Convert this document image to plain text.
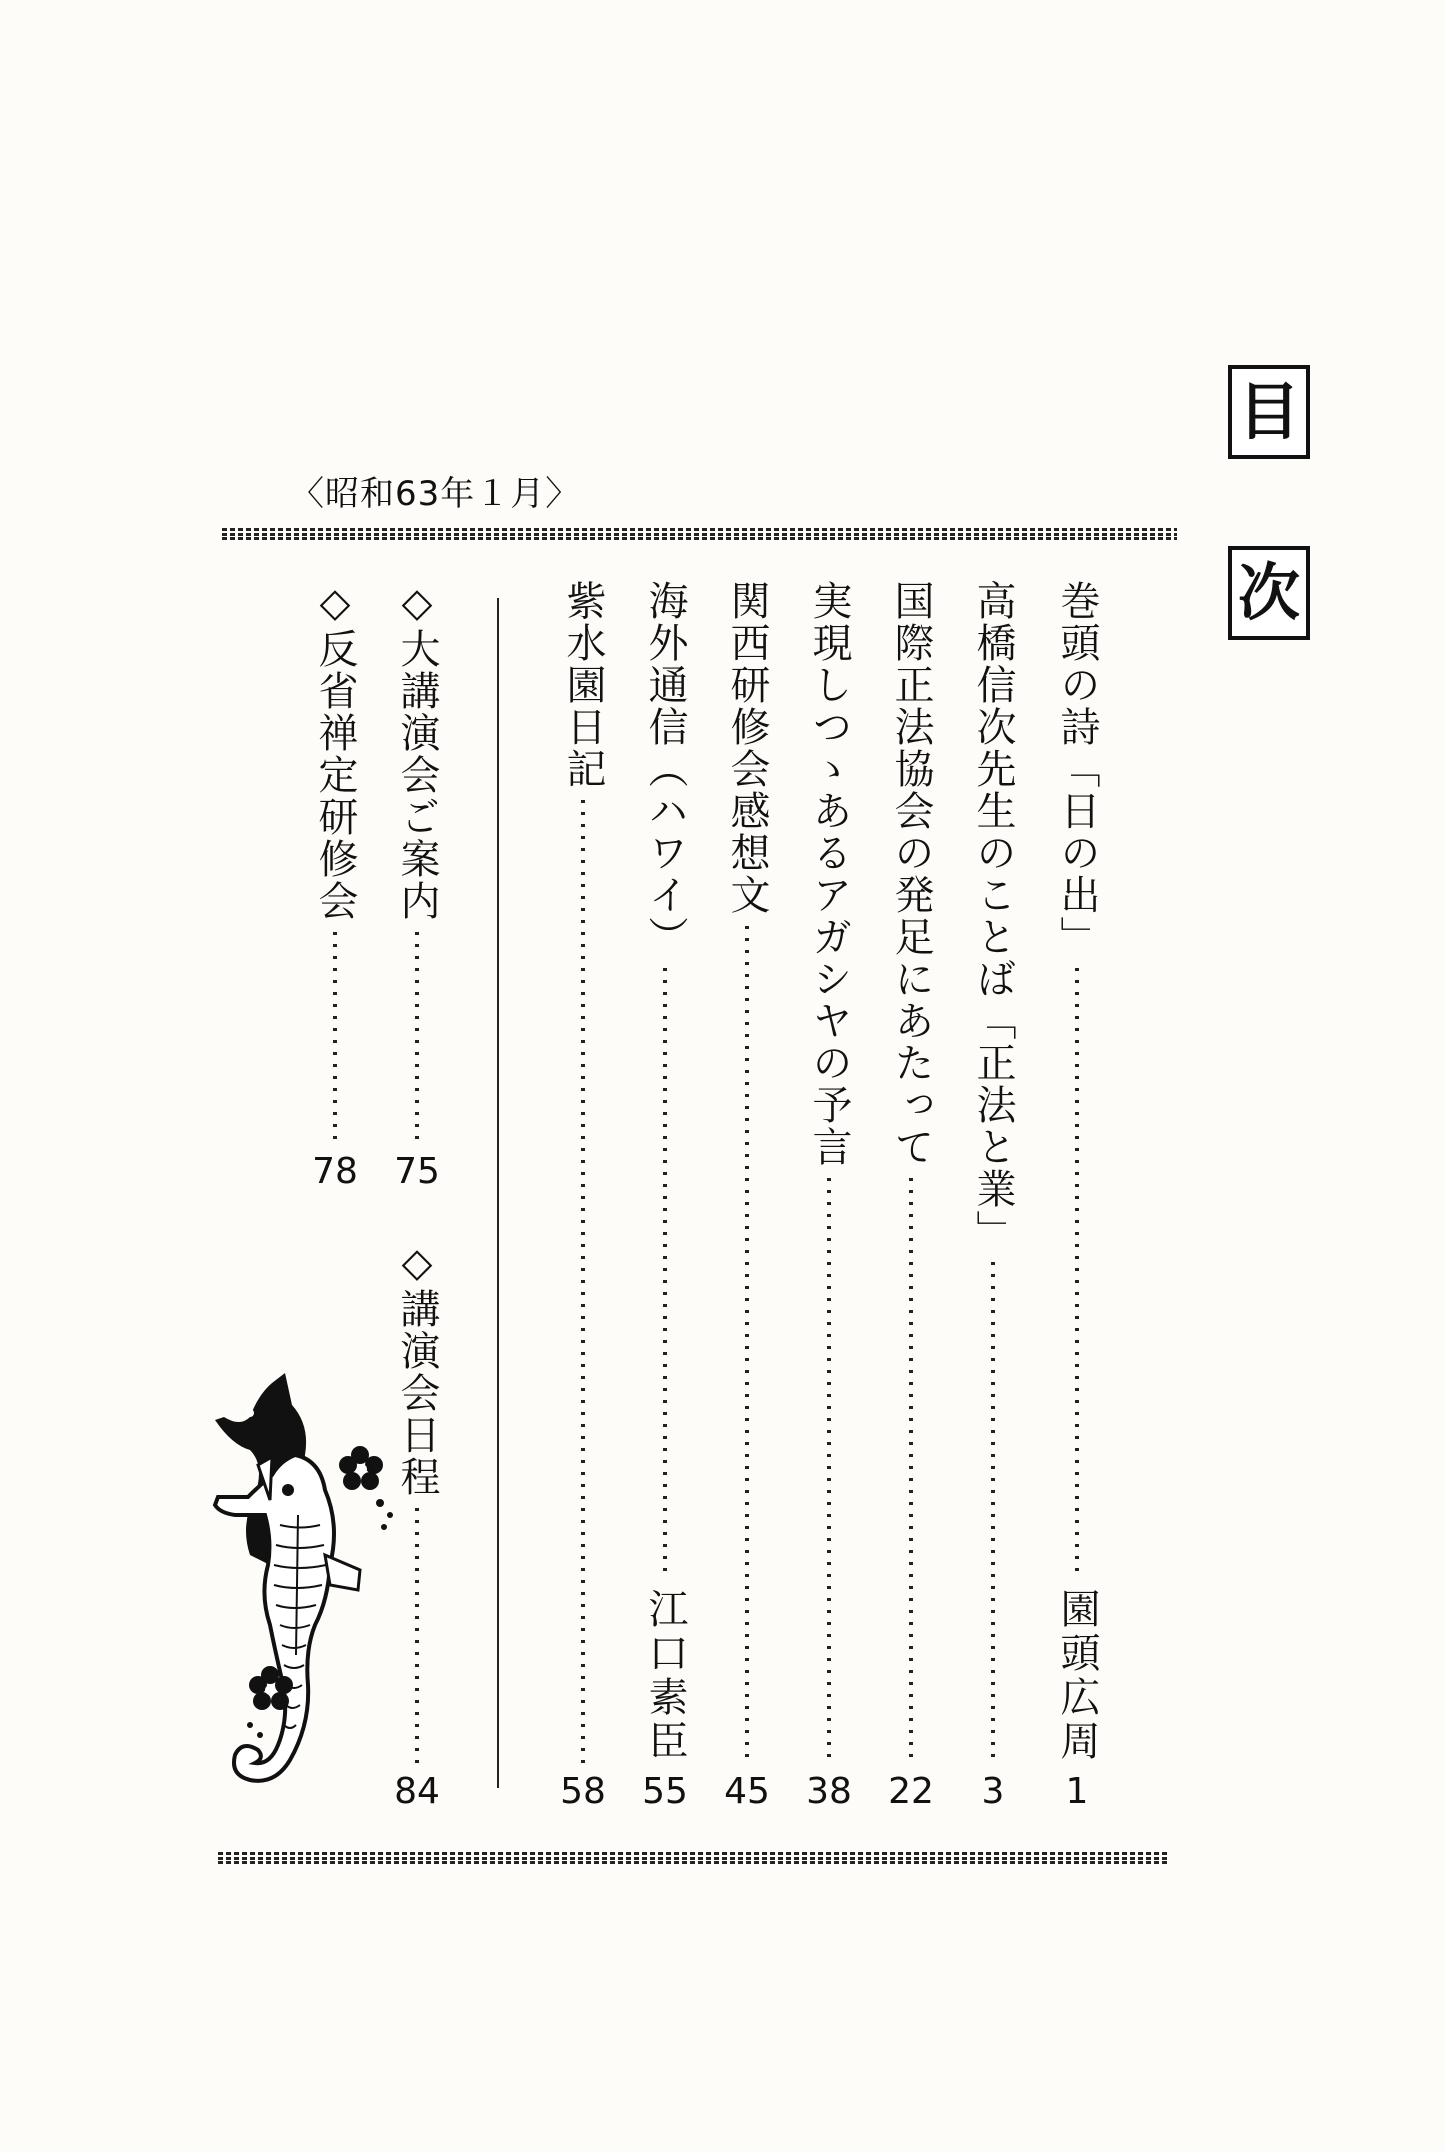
目
次
〈昭和63年１月〉
巻頭の詩「日の出」
園頭広周
1
高橋信次先生のことば「正法と業」
3
国際正法協会の発足にあたって
22
実現しつゝあるアガシヤの予言
38
関西研修会感想文
45
海外通信（ハワイ）
江口素臣
55
紫水園日記
58
◇大講演会ご案内
75
◇反省禅定研修会
78
◇講演会日程
84
